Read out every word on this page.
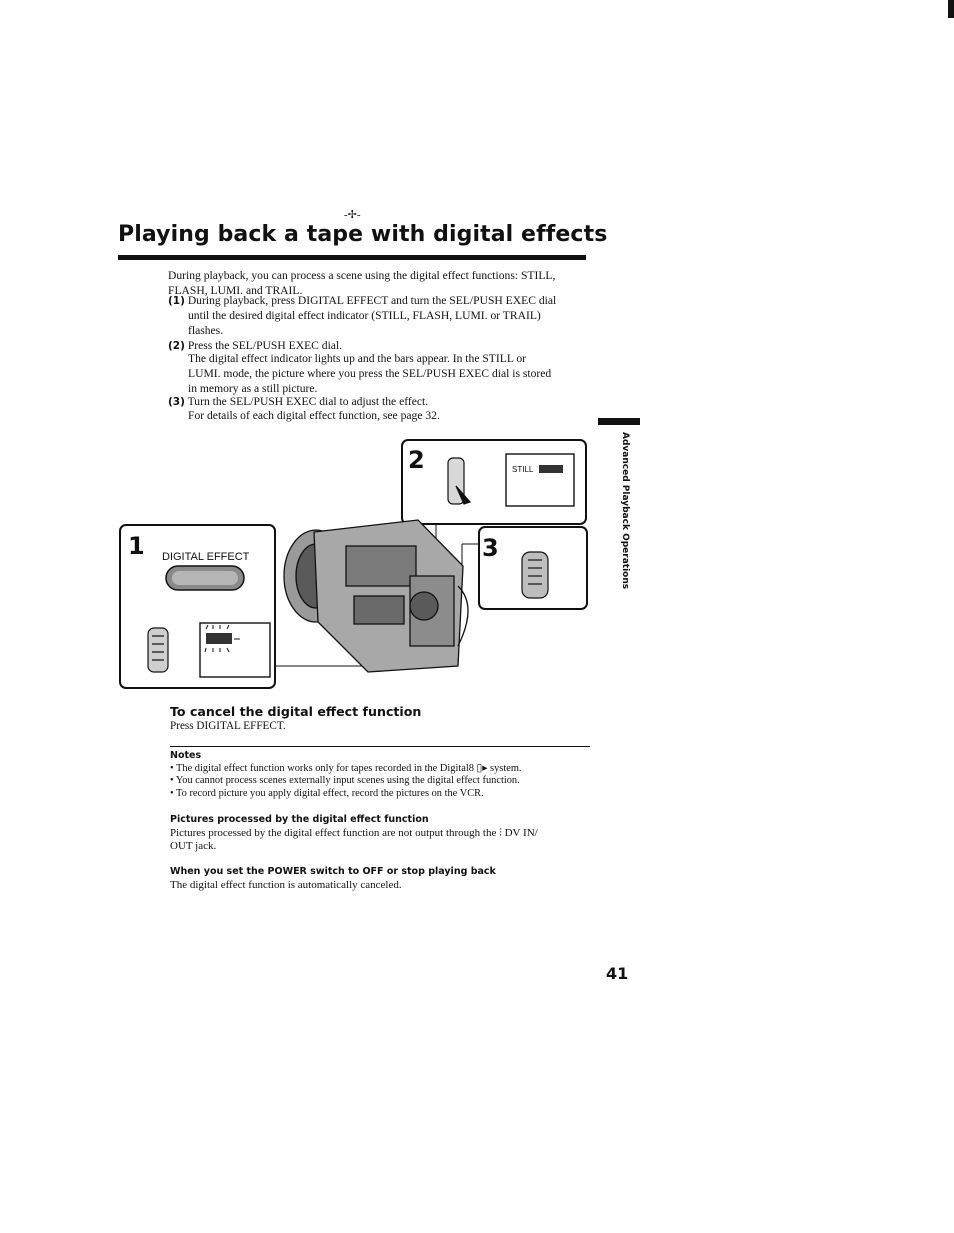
-✢-
Playing back a tape with digital effects
During playback, you can process a scene using the digital effect functions: STILL,
FLASH, LUMI. and TRAIL.
(1) During playback, press DIGITAL EFFECT and turn the SEL/PUSH EXEC dial
until the desired digital effect indicator (STILL, FLASH, LUMI. or TRAIL)
flashes.
(2) Press the SEL/PUSH EXEC dial.
The digital effect indicator lights up and the bars appear. In the STILL or
LUMI. mode, the picture where you press the SEL/PUSH EXEC dial is stored
in memory as a still picture.
(3) Turn the SEL/PUSH EXEC dial to adjust the effect.
For details of each digital effect function, see page 32.
Advanced Playback Operations
1
2
3
DIGITAL EFFECT
STILL
To cancel the digital effect function
Press DIGITAL EFFECT.
Notes
• The digital effect function works only for tapes recorded in the Digital8 ▯▸ system.
• You cannot process scenes externally input scenes using the digital effect function.
• To record picture you apply digital effect, record the pictures on the VCR.
Pictures processed by the digital effect function
Pictures processed by the digital effect function are not output through the ⫶ DV IN/
OUT jack.
When you set the POWER switch to OFF or stop playing back
The digital effect function is automatically canceled.
41
